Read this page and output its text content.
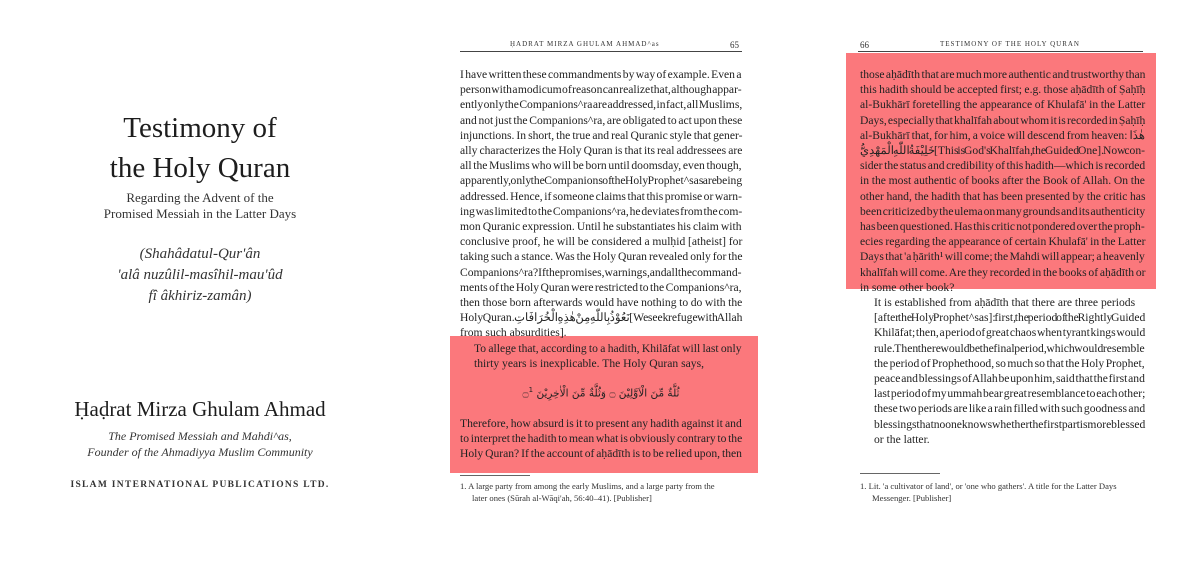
Testimony of
the Holy Quran
Regarding the Advent of the
Promised Messiah in the Latter Days
(Shahâdatul-Qur'ân
'alâ nuzûlil-masîhil-mau'ûd
fî âkhiriz-zamân)
Ḥaḍrat Mirza Ghulam Ahmad
The Promised Messiah and Mahdi^as,
Founder of the Ahmadiyya Muslim Community
ISLAM INTERNATIONAL PUBLICATIONS LTD.
ḤADRAT MIRZA GHULAM AHMAD^as	65

I have written these commandments by way of example. Even a
person with a modicum of reason can realize that, although appar-
ently only the Companions^ra are addressed, in fact, all Muslims,
and not just the Companions^ra, are obligated to act upon these
injunctions. In short, the true and real Quranic style that gener-
ally characterizes the Holy Quran is that its real addressees are
all the Muslims who will be born until doomsday, even though,
apparently, only the Companions of the Holy Prophet^sas are being
addressed. Hence, if someone claims that this promise or warn-
ing was limited to the Companions^ra, he deviates from the com-
mon Quranic expression. Until he substantiates his claim with
conclusive proof, he will be considered a mulḥid [atheist] for
taking such a stance. Was the Holy Quran revealed only for the
Companions^ra? If the promises, warnings, and all the command-
ments of the Holy Quran were restricted to the Companions^ra,
then those born afterwards would have nothing to do with the
Holy Quran. نَعُوْذُ بِاللّٰهِ مِنْ هٰذِهِ الْخُرَافَاتِ [We seek refuge with Allah
from such absurdities].

To allege that, according to a hadith, Khilāfat will last only
thirty years is inexplicable. The Holy Quran says,

ثُلَّةٌ مِّنَ الْاَوَّلِيْنَ ۝ وَثُلَّةٌ مِّنَ الْاٰخِرِيْنَ ۝$^1$

Therefore, how absurd is it to present any hadith against it and
to interpret the hadith to mean what is obviously contrary to the
Holy Quran? If the account of aḥādīth is to be relied upon, then

1. A large party from among the early Muslims, and a large party from the
later ones (Sūrah al-Wāqi'ah, 56:40–41). [Publisher]
66	TESTIMONY OF THE HOLY QURAN

those aḥādīth that are much more authentic and trustworthy than
this hadith should be accepted first; e.g. those aḥādīth of Ṣaḥīḥ
al-Bukhārī foretelling the appearance of Khulafā' in the Latter
Days, especially that khalīfah about whom it is recorded in Ṣaḥīḥ
al-Bukhārī that, for him, a voice will descend from heaven: هٰذَا
خَلِيْفَةُ اللّٰهِ الْمَهْدِيُّ [This is God's Khalīfah, the Guided One]. Now con-
sider the status and credibility of this hadith—which is recorded
in the most authentic of books after the Book of Allah. On the
other hand, the hadith that has been presented by the critic has
been criticized by the ulema on many grounds and its authenticity
has been questioned. Has this critic not pondered over the proph-
ecies regarding the appearance of certain Khulafā' in the Latter
Days that 'a ḥārith¹ will come; the Mahdi will appear; a heavenly
khalīfah will come. Are they recorded in the books of aḥādīth or
in some other book?

It is established from aḥādīth that there are three periods
[after the Holy Prophet^sas]: first, the period of the Rightly Guided
Khilāfat; then, a period of great chaos when tyrant kings would
rule. Then there would be the final period, which would resemble
the period of Prophethood, so much so that the Holy Prophet,
peace and blessings of Allah be upon him, said that the first and
last period of my ummah bear great resemblance to each other;
these two periods are like a rain filled with such goodness and
blessings that no one knows whether the first part is more blessed
or the latter.

1. Lit. 'a cultivator of land', or 'one who gathers'. A title for the Latter Days
Messenger. [Publisher]
